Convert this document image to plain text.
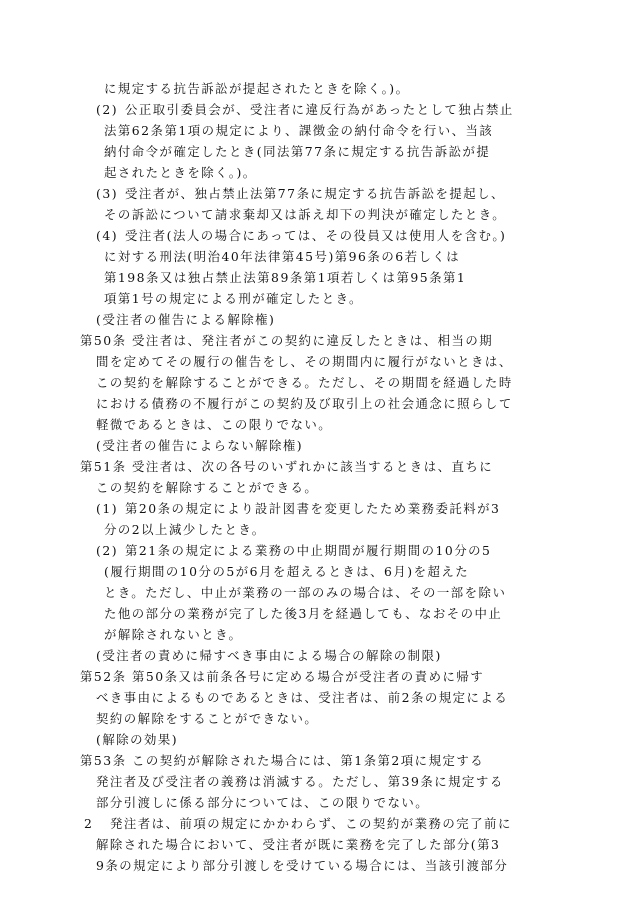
に規定する抗告訴訟が提起されたときを除く。)。
(2) 公正取引委員会が、受注者に違反行為があったとして独占禁止
法第62条第1項の規定により、課徴金の納付命令を行い、当該
納付命令が確定したとき(同法第77条に規定する抗告訴訟が提
起されたときを除く。)。
(3) 受注者が、独占禁止法第77条に規定する抗告訴訟を提起し、
その訴訟について請求棄却又は訴え却下の判決が確定したとき。
(4) 受注者(法人の場合にあっては、その役員又は使用人を含む。)
に対する刑法(明治40年法律第45号)第96条の6若しくは
第198条又は独占禁止法第89条第1項若しくは第95条第1
項第1号の規定による刑が確定したとき。
(受注者の催告による解除権)
第50条 受注者は、発注者がこの契約に違反したときは、相当の期
間を定めてその履行の催告をし、その期間内に履行がないときは、
この契約を解除することができる。ただし、その期間を経過した時
における債務の不履行がこの契約及び取引上の社会通念に照らして
軽微であるときは、この限りでない。
(受注者の催告によらない解除権)
第51条 受注者は、次の各号のいずれかに該当するときは、直ちに
この契約を解除することができる。
(1) 第20条の規定により設計図書を変更したため業務委託料が3
分の2以上減少したとき。
(2) 第21条の規定による業務の中止期間が履行期間の10分の5
(履行期間の10分の5が6月を超えるときは、6月)を超えた
とき。ただし、中止が業務の一部のみの場合は、その一部を除い
た他の部分の業務が完了した後3月を経過しても、なおその中止
が解除されないとき。
(受注者の責めに帰すべき事由による場合の解除の制限)
第52条 第50条又は前条各号に定める場合が受注者の責めに帰す
べき事由によるものであるときは、受注者は、前2条の規定による
契約の解除をすることができない。
(解除の効果)
第53条 この契約が解除された場合には、第1条第2項に規定する
発注者及び受注者の義務は消滅する。ただし、第39条に規定する
部分引渡しに係る部分については、この限りでない。
2 発注者は、前項の規定にかかわらず、この契約が業務の完了前に
解除された場合において、受注者が既に業務を完了した部分(第3
9条の規定により部分引渡しを受けている場合には、当該引渡部分
